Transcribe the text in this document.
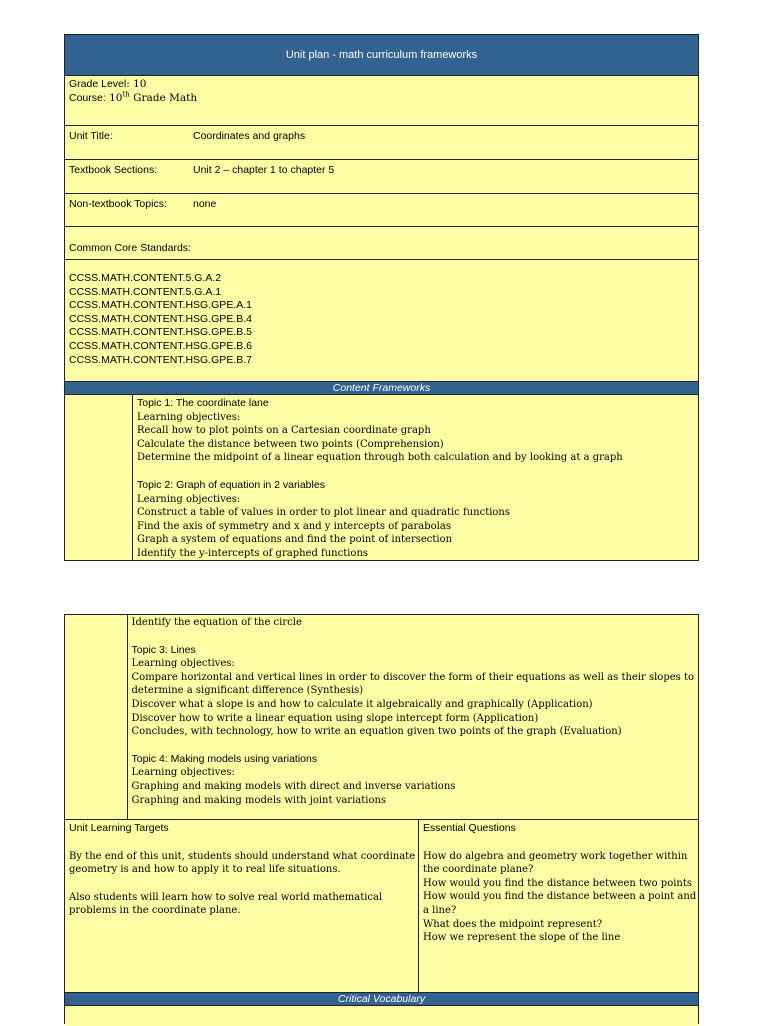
Unit plan - math curriculum frameworks
Grade Level: 10
Course: 10th Grade Math
Unit Title:	Coordinates and graphs
Textbook Sections:	Unit 2 – chapter 1 to chapter 5
Non-textbook Topics: none
Common Core Standards:
CCSS.MATH.CONTENT.5.G.A.2
CCSS.MATH.CONTENT.5.G.A.1
CCSS.MATH.CONTENT.HSG.GPE.A.1
CCSS.MATH.CONTENT.HSG.GPE.B.4
CCSS.MATH.CONTENT.HSG.GPE.B.5
CCSS.MATH.CONTENT.HSG.GPE.B.6
CCSS.MATH.CONTENT.HSG.GPE.B.7
Content Frameworks
Topic 1: The coordinate lane
Learning objectives:
Recall how to plot points on a Cartesian coordinate graph
Calculate the distance between two points (Comprehension)
Determine the midpoint of a linear equation through both calculation and by looking at a graph
Topic 2: Graph of equation in 2 variables
Learning objectives:
Construct a table of values in order to plot linear and quadratic functions
Find the axis of symmetry and x and y intercepts of parabolas
Graph a system of equations and find the point of intersection
Identify the y-intercepts of graphed functions
Identify the equation of the circle
Topic 3: Lines
Learning objectives:
Compare horizontal and vertical lines in order to discover the form of their equations as well as their slopes to
determine a significant difference (Synthesis)
Discover what a slope is and how to calculate it algebraically and graphically (Application)
Discover how to write a linear equation using slope intercept form (Application)
Concludes, with technology, how to write an equation given two points of the graph (Evaluation)
Topic 4: Making models using variations
Learning objectives:
Graphing and making models with direct and inverse variations
Graphing and making models with joint variations
Unit Learning Targets
By the end of this unit, students should understand what coordinate
geometry is and how to apply it to real life situations.
Also students will learn how to solve real world mathematical
problems in the coordinate plane.
Essential Questions
How do algebra and geometry work together within
the coordinate plane?
How would you find the distance between two points
How would you find the distance between a point and
a line?
What does the midpoint represent?
How we represent the slope of the line
Critical Vocabulary
